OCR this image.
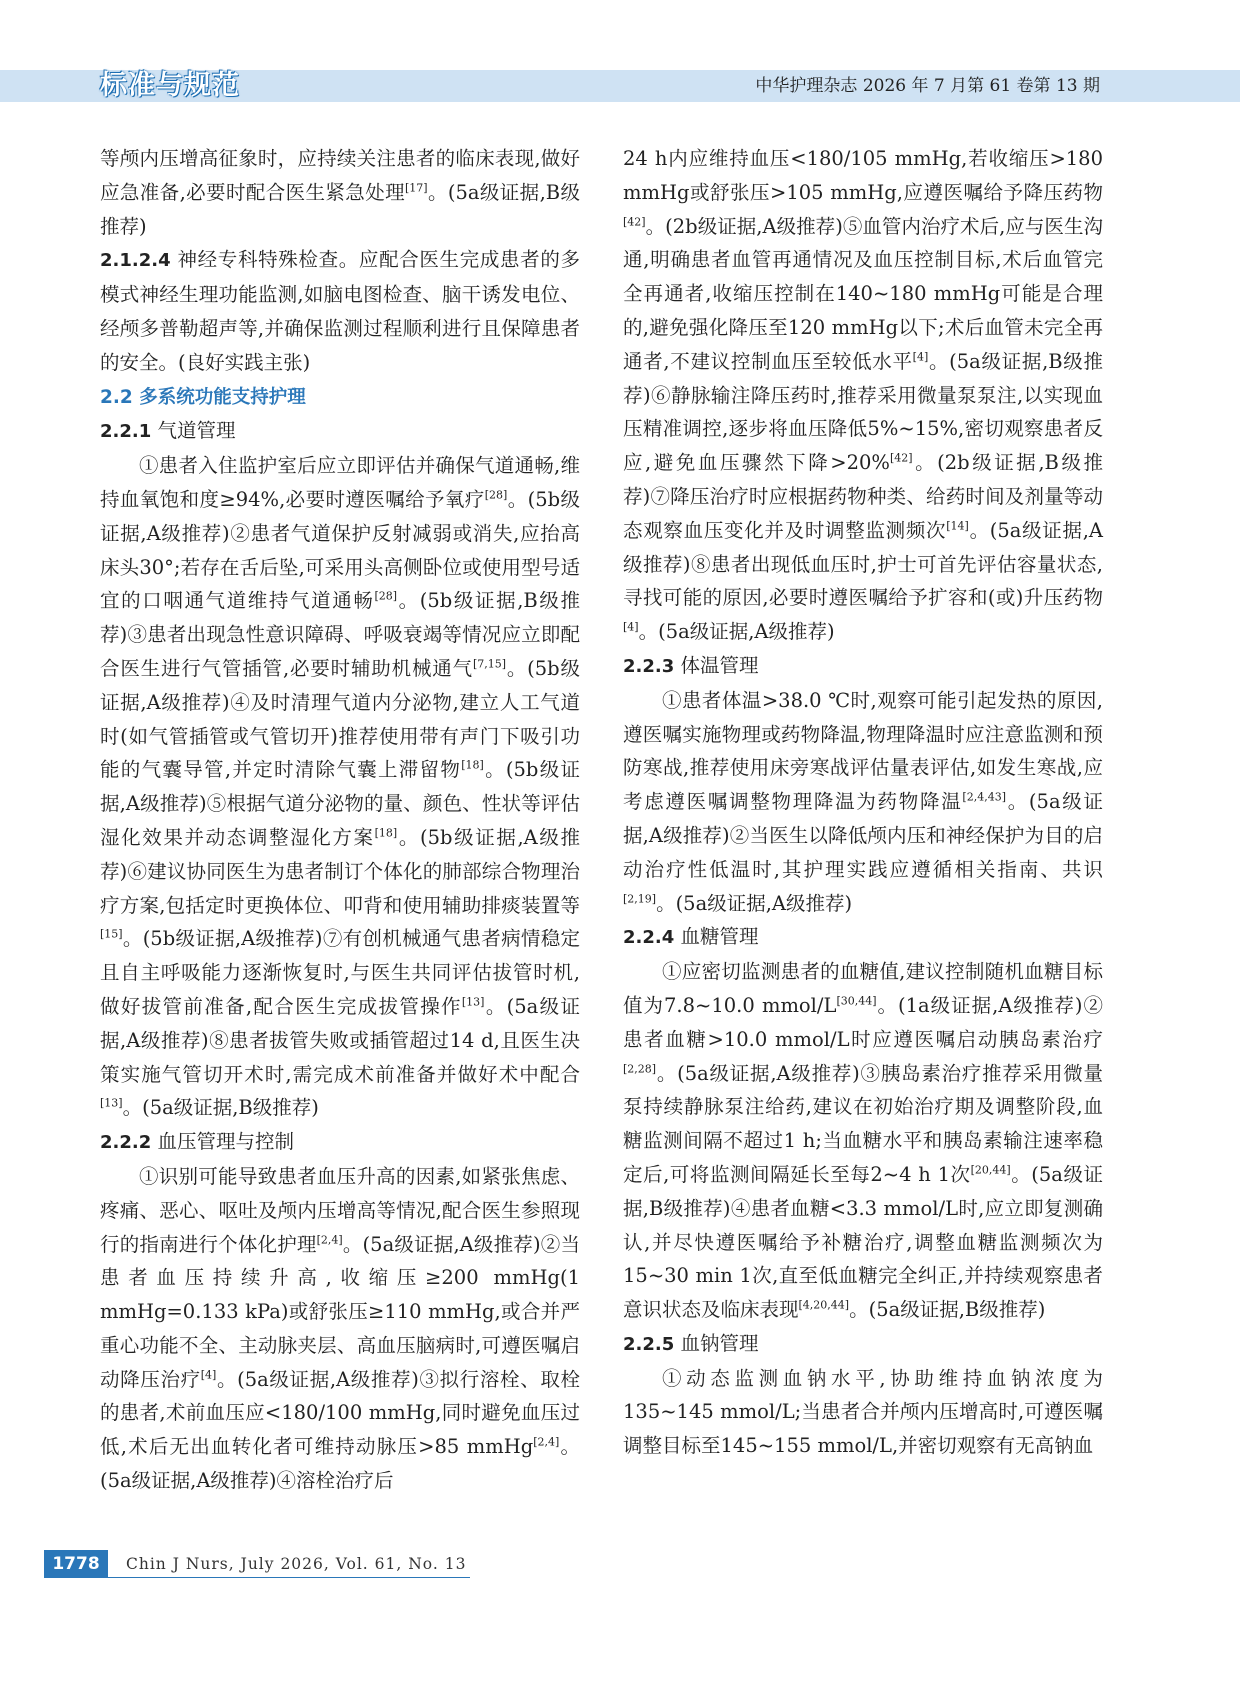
标准与规范	中华护理杂志 2026 年 7 月第 61 卷第 13 期

等颅内压增高征象时，应持续关注患者的临床表现,做好应急准备,必要时配合医生紧急处理[17]。(5a级证据,B级推荐)

2.1.2.4 神经专科特殊检查。应配合医生完成患者的多模式神经生理功能监测,如脑电图检查、脑干诱发电位、经颅多普勒超声等,并确保监测过程顺利进行且保障患者的安全。(良好实践主张)

2.2 多系统功能支持护理

2.2.1 气道管理

①患者入住监护室后应立即评估并确保气道通畅,维持血氧饱和度≥94%,必要时遵医嘱给予氧疗[28]。(5b级证据,A级推荐)②患者气道保护反射减弱或消失,应抬高床头30°;若存在舌后坠,可采用头高侧卧位或使用型号适宜的口咽通气道维持气道通畅[28]。(5b级证据,B级推荐)③患者出现急性意识障碍、呼吸衰竭等情况应立即配合医生进行气管插管,必要时辅助机械通气[7,15]。(5b级证据,A级推荐)④及时清理气道内分泌物,建立人工气道时(如气管插管或气管切开)推荐使用带有声门下吸引功能的气囊导管,并定时清除气囊上滞留物[18]。(5b级证据,A级推荐)⑤根据气道分泌物的量、颜色、性状等评估湿化效果并动态调整湿化方案[18]。(5b级证据,A级推荐)⑥建议协同医生为患者制订个体化的肺部综合物理治疗方案,包括定时更换体位、叩背和使用辅助排痰装置等[15]。(5b级证据,A级推荐)⑦有创机械通气患者病情稳定且自主呼吸能力逐渐恢复时,与医生共同评估拔管时机,做好拔管前准备,配合医生完成拔管操作[13]。(5a级证据,A级推荐)⑧患者拔管失败或插管超过14 d,且医生决策实施气管切开术时,需完成术前准备并做好术中配合[13]。(5a级证据,B级推荐)

2.2.2 血压管理与控制

①识别可能导致患者血压升高的因素,如紧张焦虑、疼痛、恶心、呕吐及颅内压增高等情况,配合医生参照现行的指南进行个体化护理[2,4]。(5a级证据,A级推荐)②当患者血压持续升高,收缩压≥200 mmHg(1 mmHg=0.133 kPa)或舒张压≥110 mmHg,或合并严重心功能不全、主动脉夹层、高血压脑病时,可遵医嘱启动降压治疗[4]。(5a级证据,A级推荐)③拟行溶栓、取栓的患者,术前血压应<180/100 mmHg,同时避免血压过低,术后无出血转化者可维持动脉压>85 mmHg[2,4]。(5a级证据,A级推荐)④溶栓治疗后

24 h内应维持血压<180/105 mmHg,若收缩压>180 mmHg或舒张压>105 mmHg,应遵医嘱给予降压药物[42]。(2b级证据,A级推荐)⑤血管内治疗术后,应与医生沟通,明确患者血管再通情况及血压控制目标,术后血管完全再通者,收缩压控制在140~180 mmHg可能是合理的,避免强化降压至120 mmHg以下;术后血管未完全再通者,不建议控制血压至较低水平[4]。(5a级证据,B级推荐)⑥静脉输注降压药时,推荐采用微量泵泵注,以实现血压精准调控,逐步将血压降低5%~15%,密切观察患者反应,避免血压骤然下降>20%[42]。(2b级证据,B级推荐)⑦降压治疗时应根据药物种类、给药时间及剂量等动态观察血压变化并及时调整监测频次[14]。(5a级证据,A级推荐)⑧患者出现低血压时,护士可首先评估容量状态,寻找可能的原因,必要时遵医嘱给予扩容和(或)升压药物[4]。(5a级证据,A级推荐)

2.2.3 体温管理

①患者体温>38.0 ℃时,观察可能引起发热的原因,遵医嘱实施物理或药物降温,物理降温时应注意监测和预防寒战,推荐使用床旁寒战评估量表评估,如发生寒战,应考虑遵医嘱调整物理降温为药物降温[2,4,43]。(5a级证据,A级推荐)②当医生以降低颅内压和神经保护为目的启动治疗性低温时,其护理实践应遵循相关指南、共识[2,19]。(5a级证据,A级推荐)

2.2.4 血糖管理

①应密切监测患者的血糖值,建议控制随机血糖目标值为7.8~10.0 mmol/L[30,44]。(1a级证据,A级推荐)②患者血糖>10.0 mmol/L时应遵医嘱启动胰岛素治疗[2,28]。(5a级证据,A级推荐)③胰岛素治疗推荐采用微量泵持续静脉泵注给药,建议在初始治疗期及调整阶段,血糖监测间隔不超过1 h;当血糖水平和胰岛素输注速率稳定后,可将监测间隔延长至每2~4 h 1次[20,44]。(5a级证据,B级推荐)④患者血糖<3.3 mmol/L时,应立即复测确认,并尽快遵医嘱给予补糖治疗,调整血糖监测频次为15~30 min 1次,直至低血糖完全纠正,并持续观察患者意识状态及临床表现[4,20,44]。(5a级证据,B级推荐)

2.2.5 血钠管理

①动态监测血钠水平,协助维持血钠浓度为135~145 mmol/L;当患者合并颅内压增高时,可遵医嘱调整目标至145~155 mmol/L,并密切观察有无高钠血

1778	Chin J Nurs, July 2026, Vol. 61, No. 13
